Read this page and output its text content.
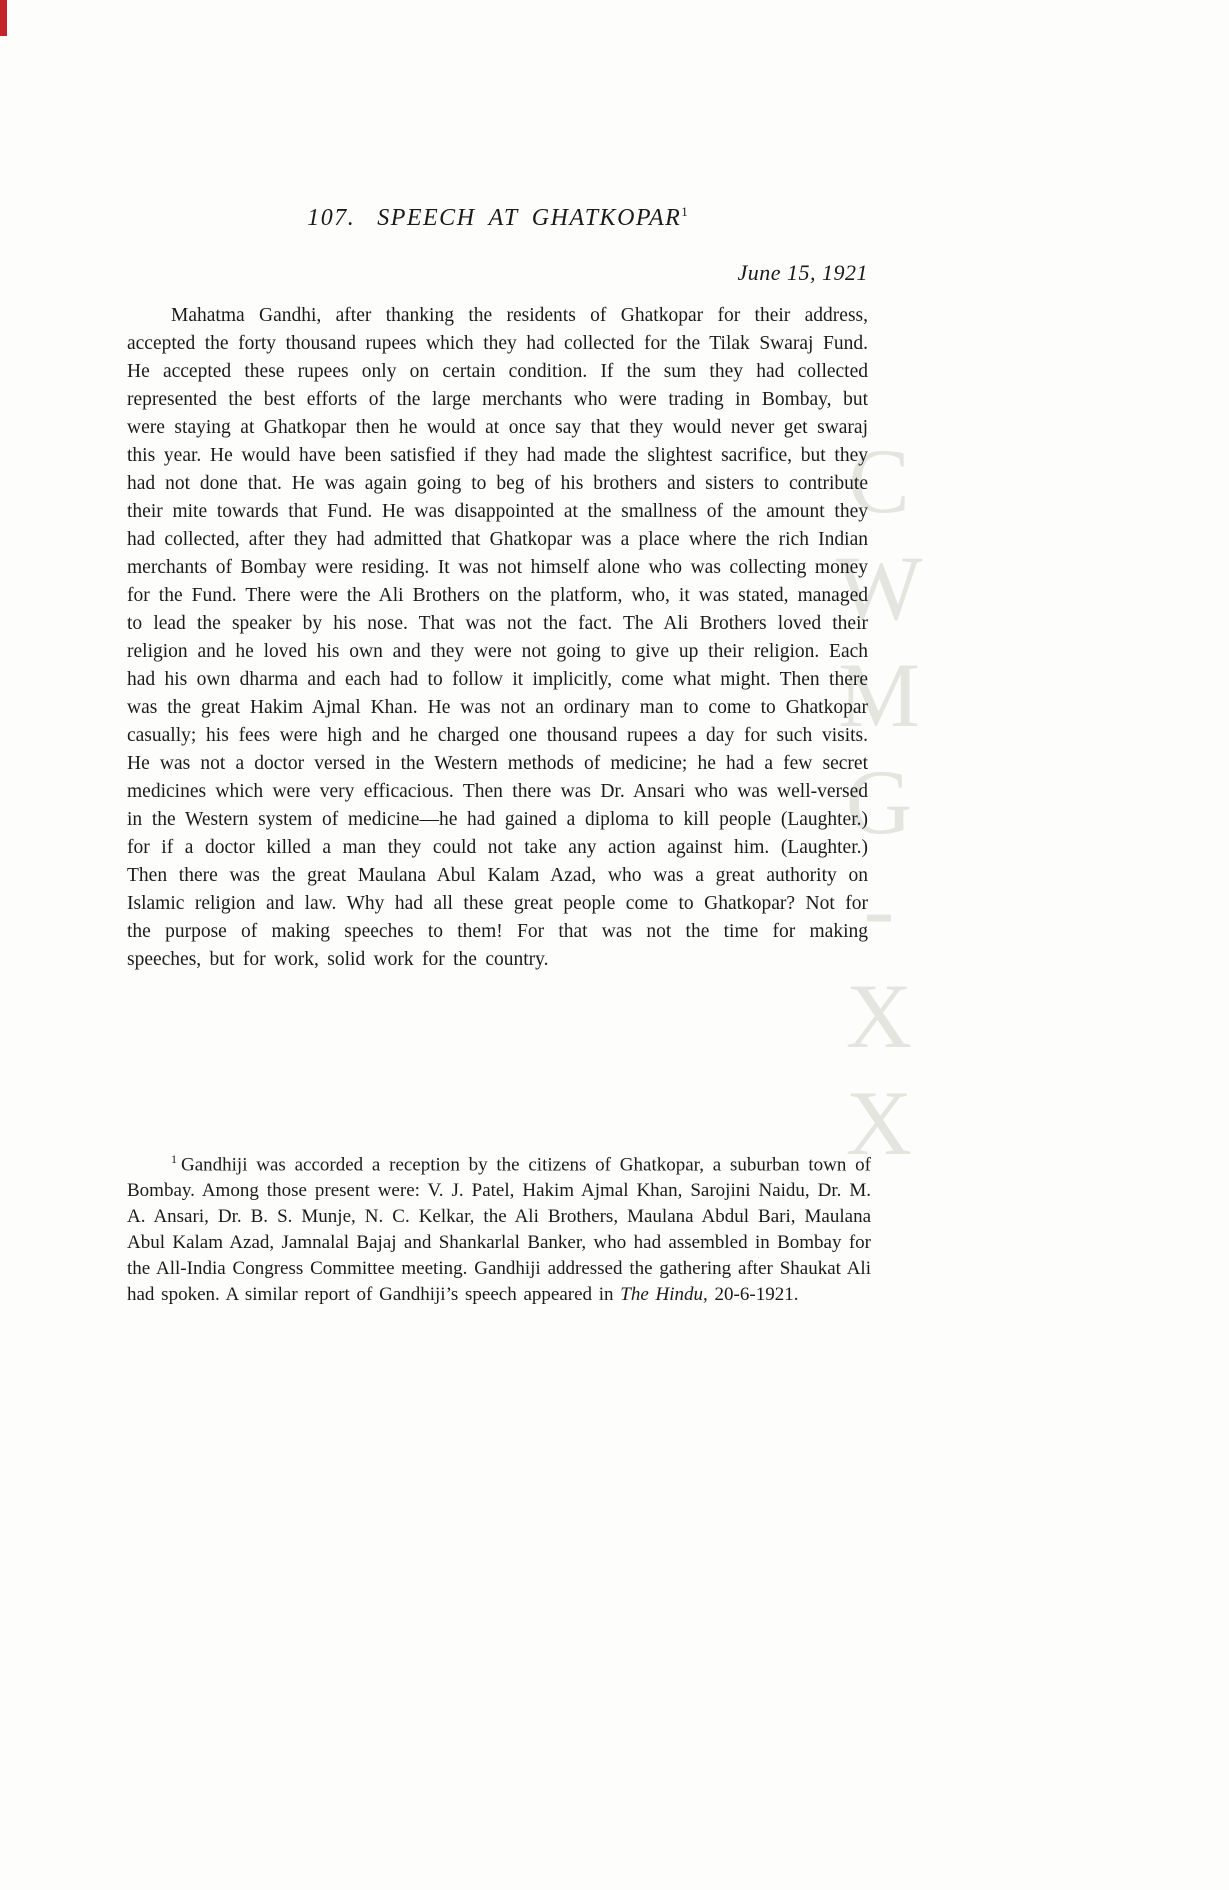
CWMG-XX
107. SPEECH AT GHATKOPAR$^1$
June 15, 1921

Mahatma Gandhi, after thanking the residents of Ghatkopar for their address, accepted the forty thousand rupees which they had collected for the Tilak Swaraj Fund. He accepted these rupees only on certain condition. If the sum they had collected represented the best efforts of the large merchants who were trading in Bombay, but were staying at Ghatkopar then he would at once say that they would never get swaraj this year. He would have been satisfied if they had made the slightest sacrifice, but they had not done that. He was again going to beg of his brothers and sisters to contribute their mite towards that Fund. He was disappointed at the smallness of the amount they had collected, after they had admitted that Ghatkopar was a place where the rich Indian merchants of Bombay were residing. It was not himself alone who was collecting money for the Fund. There were the Ali Brothers on the platform, who, it was stated, managed to lead the speaker by his nose. That was not the fact. The Ali Brothers loved their religion and he loved his own and they were not going to give up their religion. Each had his own dharma and each had to follow it implicitly, come what might. Then there was the great Hakim Ajmal Khan. He was not an ordinary man to come to Ghatkopar casually; his fees were high and he charged one thousand rupees a day for such visits. He was not a doctor versed in the Western methods of medicine; he had a few secret medicines which were very efficacious. Then there was Dr. Ansari who was well-versed in the Western system of medicine—he had gained a diploma to kill people (Laughter.) for if a doctor killed a man they could not take any action against him. (Laughter.) Then there was the great Maulana Abul Kalam Azad, who was a great authority on Islamic religion and law. Why had all these great people come to Ghatkopar? Not for the purpose of making speeches to them! For that was not the time for making speeches, but for work, solid work for the country.

$^1$ Gandhiji was accorded a reception by the citizens of Ghatkopar, a suburban town of Bombay. Among those present were: V. J. Patel, Hakim Ajmal Khan, Sarojini Naidu, Dr. M. A. Ansari, Dr. B. S. Munje, N. C. Kelkar, the Ali Brothers, Maulana Abdul Bari, Maulana Abul Kalam Azad, Jamnalal Bajaj and Shankarlal Banker, who had assembled in Bombay for the All-India Congress Committee meeting. Gandhiji addressed the gathering after Shaukat Ali had spoken. A similar report of Gandhiji’s speech appeared in The Hindu, 20-6-1921.
